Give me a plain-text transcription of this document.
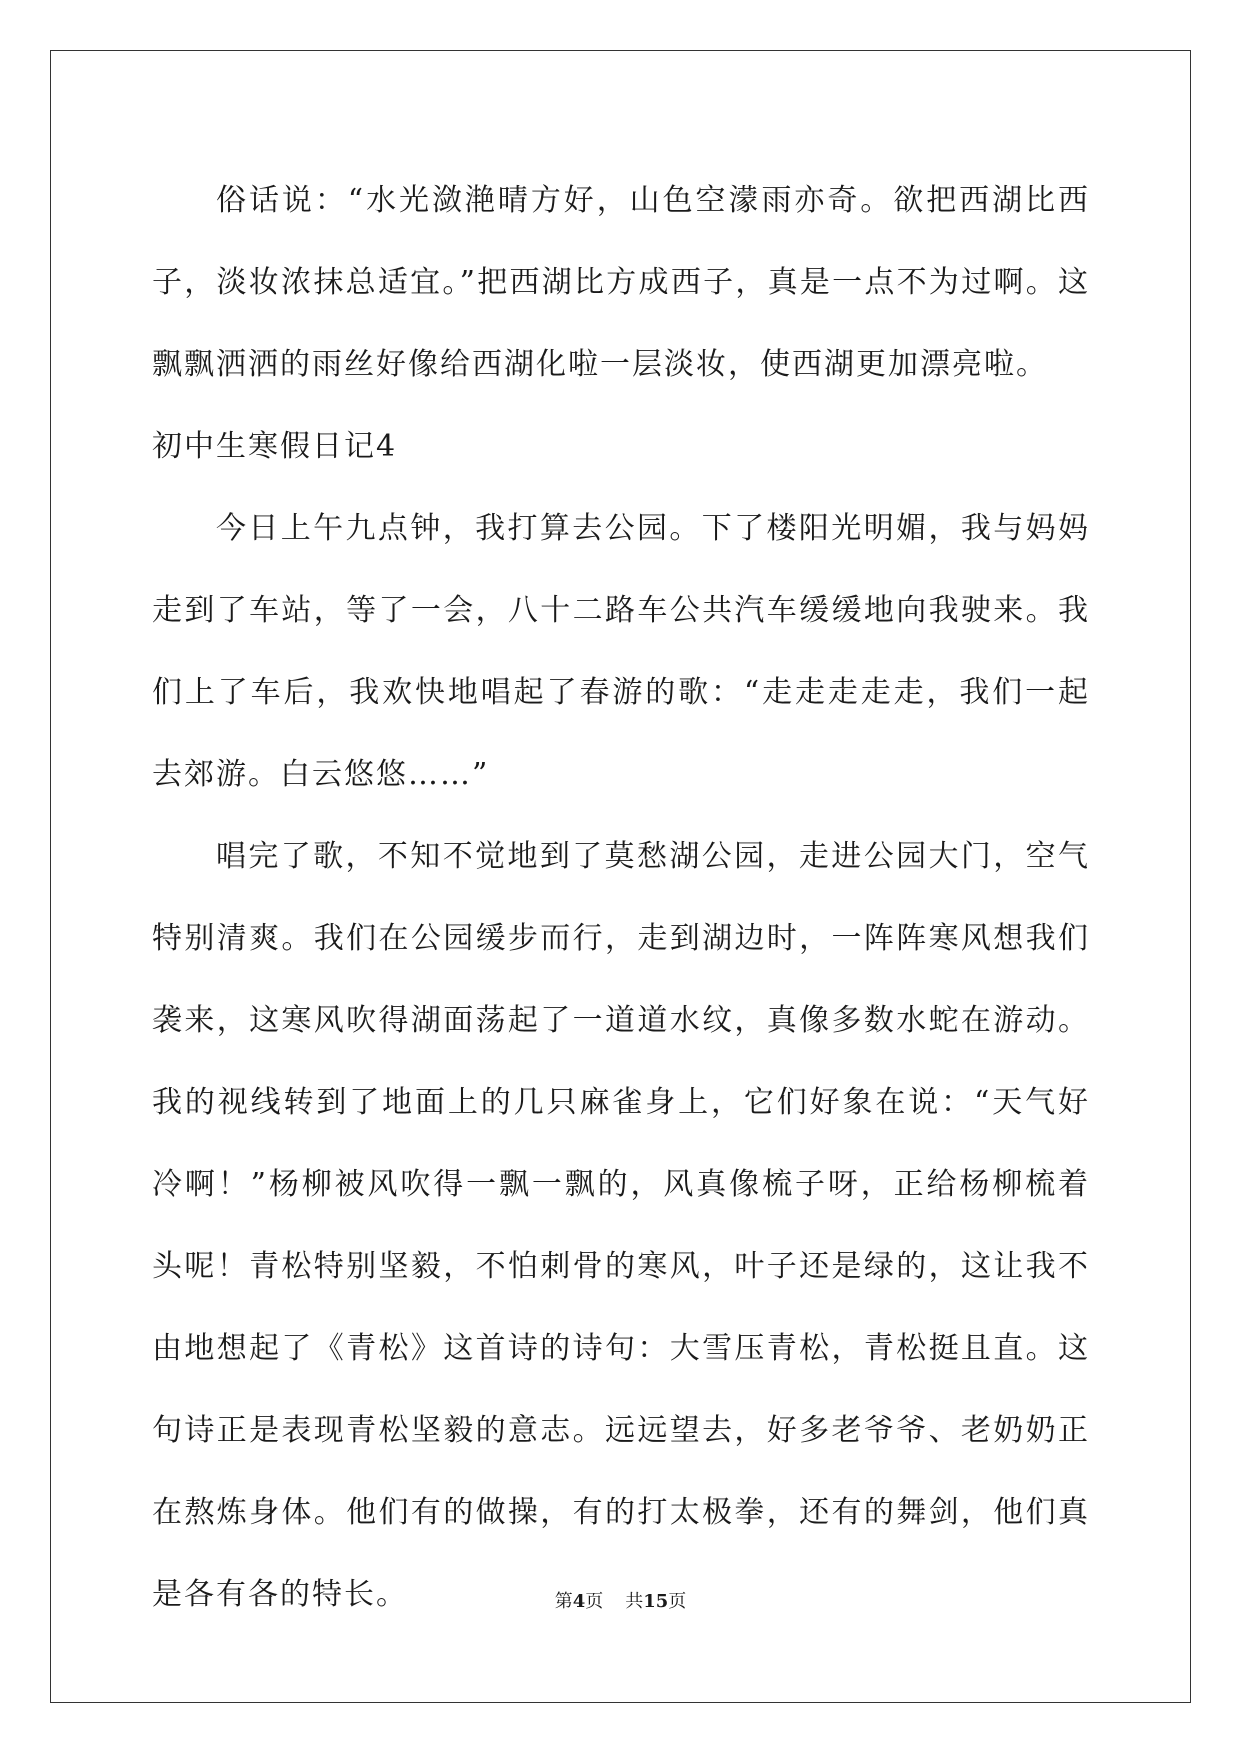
俗话说：“水光潋滟晴方好，山色空濛雨亦奇。欲把西湖比西子，淡妆浓抹总适宜。”把西湖比方成西子，真是一点不为过啊。这飘飘洒洒的雨丝好像给西湖化啦一层淡妆，使西湖更加漂亮啦。

初中生寒假日记4

今日上午九点钟，我打算去公园。下了楼阳光明媚，我与妈妈走到了车站，等了一会，八十二路车公共汽车缓缓地向我驶来。我们上了车后，我欢快地唱起了春游的歌：“走走走走走，我们一起去郊游。白云悠悠……”

唱完了歌，不知不觉地到了莫愁湖公园，走进公园大门，空气特别清爽。我们在公园缓步而行，走到湖边时，一阵阵寒风想我们袭来，这寒风吹得湖面荡起了一道道水纹，真像多数水蛇在游动。我的视线转到了地面上的几只麻雀身上，它们好象在说：“天气好冷啊！”杨柳被风吹得一飘一飘的，风真像梳子呀，正给杨柳梳着头呢！青松特别坚毅，不怕刺骨的寒风，叶子还是绿的，这让我不由地想起了《青松》这首诗的诗句：大雪压青松，青松挺且直。这句诗正是表现青松坚毅的意志。远远望去，好多老爷爷、老奶奶正在熬炼身体。他们有的做操，有的打太极拳，还有的舞剑，他们真是各有各的特长。	第4页 共15页
